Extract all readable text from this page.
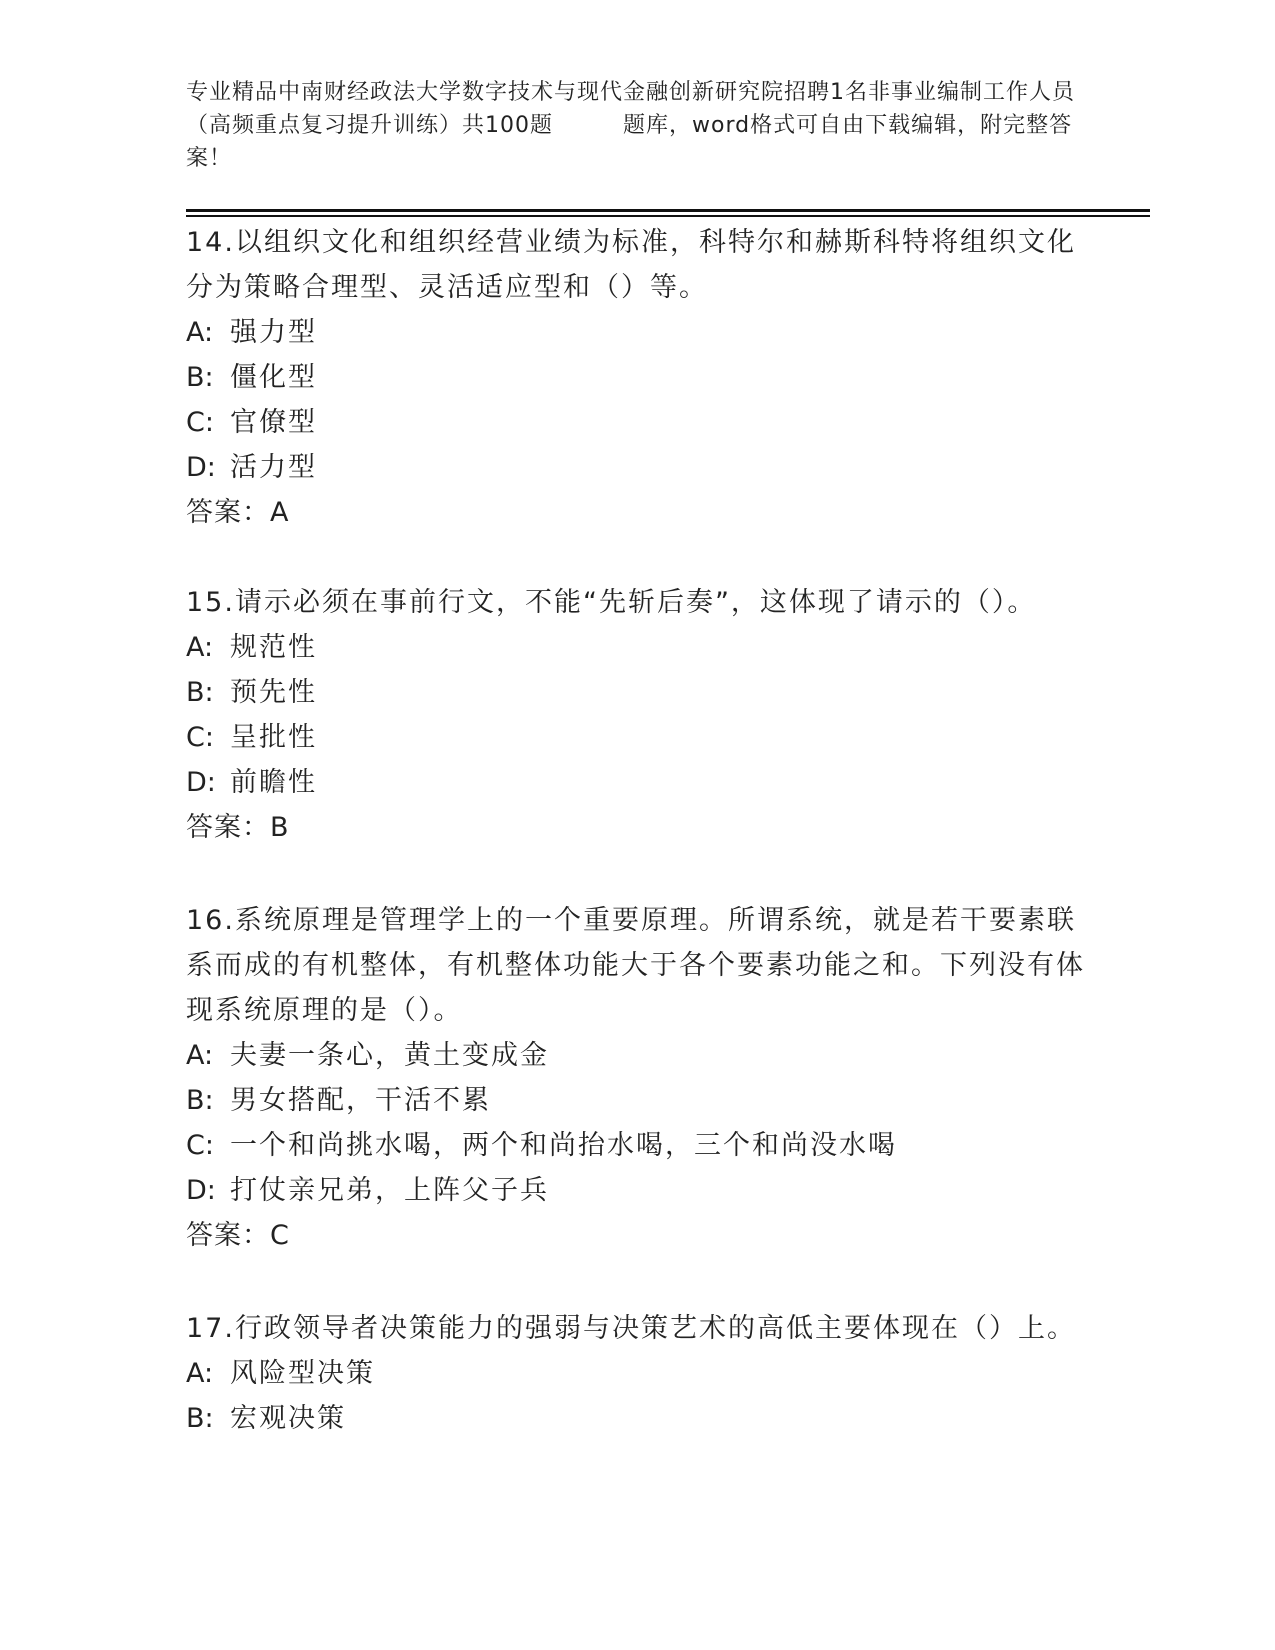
专业精品中南财经政法大学数字技术与现代金融创新研究院招聘1名非事业编制工作人员（高频重点复习提升训练）共100题	题库，word格式可自由下载编辑，附完整答案！
14.以组织文化和组织经营业绩为标准，科特尔和赫斯科特将组织文化分为策略合理型、灵活适应型和（）等。
A: 强力型
B: 僵化型
C: 官僚型
D: 活力型
答案：A
15.请示必须在事前行文，不能“先斩后奏”，这体现了请示的（）。
A: 规范性
B: 预先性
C: 呈批性
D: 前瞻性
答案：B
16.系统原理是管理学上的一个重要原理。所谓系统，就是若干要素联系而成的有机整体，有机整体功能大于各个要素功能之和。下列没有体现系统原理的是（）。
A: 夫妻一条心，黄土变成金
B: 男女搭配，干活不累
C: 一个和尚挑水喝，两个和尚抬水喝，三个和尚没水喝
D: 打仗亲兄弟，上阵父子兵
答案：C
17.行政领导者决策能力的强弱与决策艺术的高低主要体现在（）上。
A: 风险型决策
B: 宏观决策
